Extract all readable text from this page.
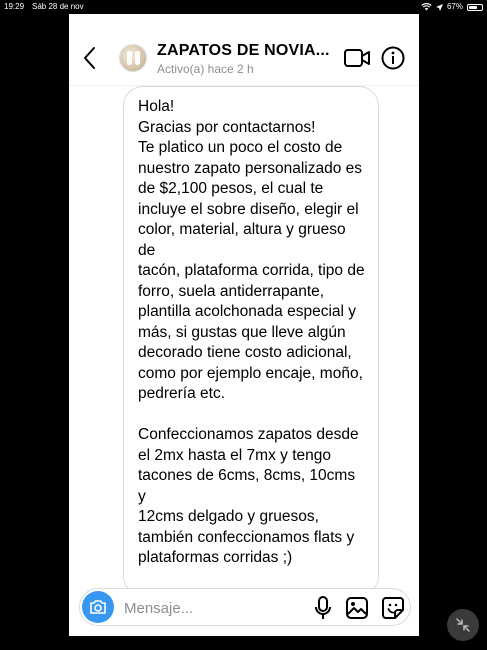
19:29 Sáb 28 de nov	67%
ZAPATOS DE NOVIA...
Activo(a) hace 2 h

Hola!
Gracias por contactarnos!
Te platico un poco el costo de
nuestro zapato personalizado es
de $2,100 pesos, el cual te
incluye el sobre diseño, elegir el
color, material, altura y grueso de
tacón, plataforma corrida, tipo de
forro, suela antiderrapante,
plantilla acolchonada especial y
más, si gustas que lleve algún
decorado tiene costo adicional,
como por ejemplo encaje, moño,
pedrería etc.

Confeccionamos zapatos desde
el 2mx hasta el 7mx y tengo
tacones de 6cms, 8cms, 10cms y
12cms delgado y gruesos,
también confeccionamos flats y
plataformas corridas ;)

Mensaje...
